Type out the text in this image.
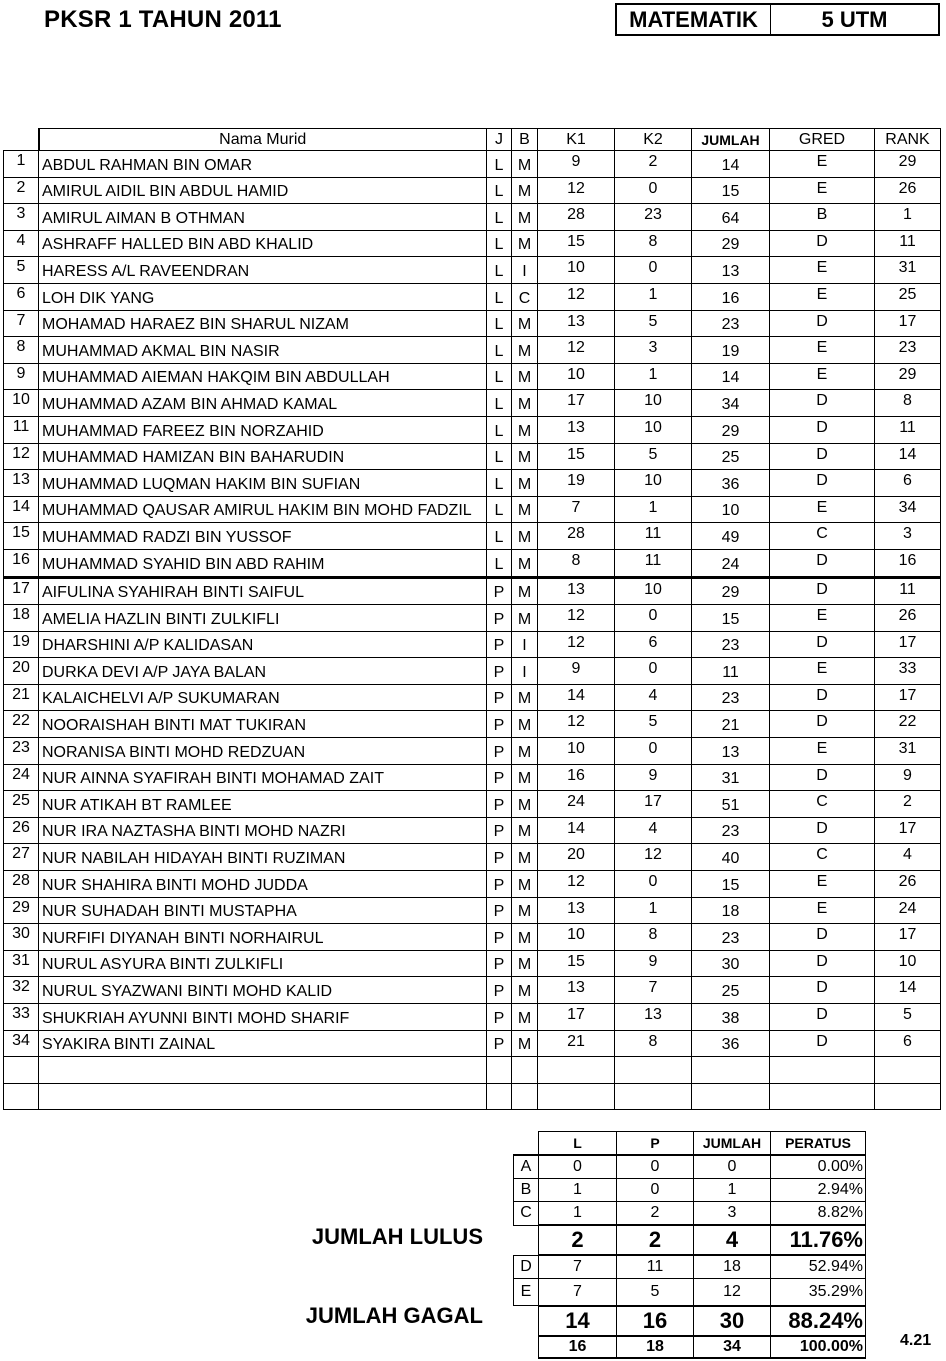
PKSR 1 TAHUN 2011	MATEMATIK	5 UTM
	Nama Murid	J	B	K1	K2	JUMLAH	GRED	RANK
1	ABDUL RAHMAN BIN OMAR	L	M	9	2	14	E	29
2	AMIRUL AIDIL BIN ABDUL HAMID	L	M	12	0	15	E	26
3	AMIRUL AIMAN B OTHMAN	L	M	28	23	64	B	1
4	ASHRAFF HALLED BIN ABD KHALID	L	M	15	8	29	D	11
5	HARESS A/L RAVEENDRAN	L	I	10	0	13	E	31
6	LOH DIK YANG	L	C	12	1	16	E	25
7	MOHAMAD HARAEZ BIN SHARUL NIZAM	L	M	13	5	23	D	17
8	MUHAMMAD AKMAL BIN NASIR	L	M	12	3	19	E	23
9	MUHAMMAD AIEMAN HAKQIM BIN ABDULLAH	L	M	10	1	14	E	29
10	MUHAMMAD AZAM BIN AHMAD KAMAL	L	M	17	10	34	D	8
11	MUHAMMAD FAREEZ BIN NORZAHID	L	M	13	10	29	D	11
12	MUHAMMAD HAMIZAN BIN BAHARUDIN	L	M	15	5	25	D	14
13	MUHAMMAD LUQMAN HAKIM BIN SUFIAN	L	M	19	10	36	D	6
14	MUHAMMAD QAUSAR AMIRUL HAKIM BIN MOHD FADZIL	L	M	7	1	10	E	34
15	MUHAMMAD RADZI BIN YUSSOF	L	M	28	11	49	C	3
16	MUHAMMAD SYAHID BIN ABD RAHIM	L	M	8	11	24	D	16
17	AIFULINA SYAHIRAH BINTI SAIFUL	P	M	13	10	29	D	11
18	AMELIA HAZLIN BINTI ZULKIFLI	P	M	12	0	15	E	26
19	DHARSHINI A/P KALIDASAN	P	I	12	6	23	D	17
20	DURKA DEVI A/P JAYA BALAN	P	I	9	0	11	E	33
21	KALAICHELVI A/P SUKUMARAN	P	M	14	4	23	D	17
22	NOORAISHAH BINTI MAT TUKIRAN	P	M	12	5	21	D	22
23	NORANISA BINTI MOHD REDZUAN	P	M	10	0	13	E	31
24	NUR AINNA SYAFIRAH BINTI MOHAMAD ZAIT	P	M	16	9	31	D	9
25	NUR ATIKAH BT RAMLEE	P	M	24	17	51	C	2
26	NUR IRA NAZTASHA BINTI MOHD NAZRI	P	M	14	4	23	D	17
27	NUR NABILAH HIDAYAH BINTI RUZIMAN	P	M	20	12	40	C	4
28	NUR SHAHIRA BINTI MOHD JUDDA	P	M	12	0	15	E	26
29	NUR SUHADAH BINTI MUSTAPHA	P	M	13	1	18	E	24
30	NURFIFI DIYANAH BINTI NORHAIRUL	P	M	10	8	23	D	17
31	NURUL ASYURA BINTI ZULKIFLI	P	M	15	9	30	D	10
32	NURUL SYAZWANI BINTI MOHD KALID	P	M	13	7	25	D	14
33	SHUKRIAH AYUNNI BINTI MOHD SHARIF	P	M	17	13	38	D	5
34	SYAKIRA BINTI ZAINAL	P	M	21	8	36	D	6

JUMLAH LULUS
JUMLAH GAGAL
	L	P	JUMLAH	PERATUS
A	0	0	0	0.00%
B	1	0	1	2.94%
C	1	2	3	8.82%
	2	2	4	11.76%
D	7	11	18	52.94%
E	7	5	12	35.29%
	14	16	30	88.24%
	16	18	34	100.00% 4.21
